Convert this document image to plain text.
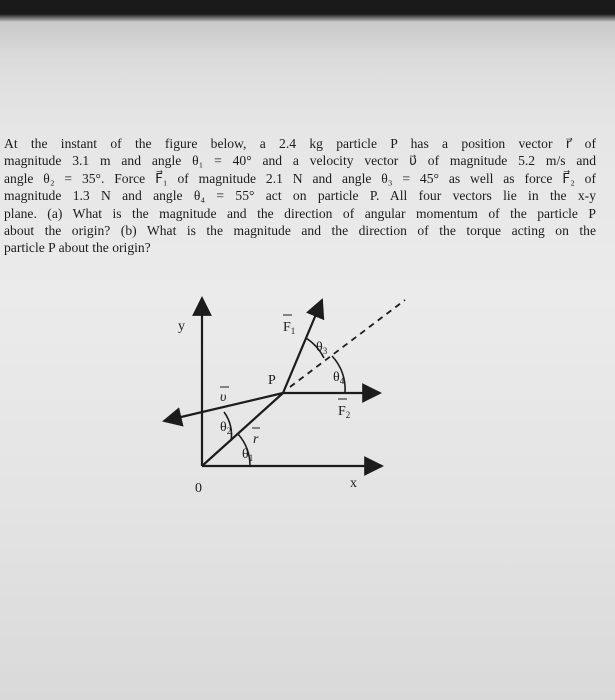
At the instant of the figure below, a 2.4 kg particle P has a position vector r⃗ of
magnitude 3.1 m and angle θ₁ = 40° and a velocity vector υ⃗ of magnitude 5.2 m/s and
angle θ₂ = 35°. Force F⃗₁ of magnitude 2.1 N and angle θ₃ = 45° as well as force F⃗₂ of
magnitude 1.3 N and angle θ₄ = 55° act on particle P. All four vectors lie in the x-y
plane. (a) What is the magnitude and the direction of angular momentum of the particle P
about the origin? (b) What is the magnitude and the direction of the torque acting on the
particle P about the origin?
y
x
0
P
υ
r
$F_1$
$F_2$
$\theta_1$
$\theta_2$
$\theta_3$
$\theta_4$
